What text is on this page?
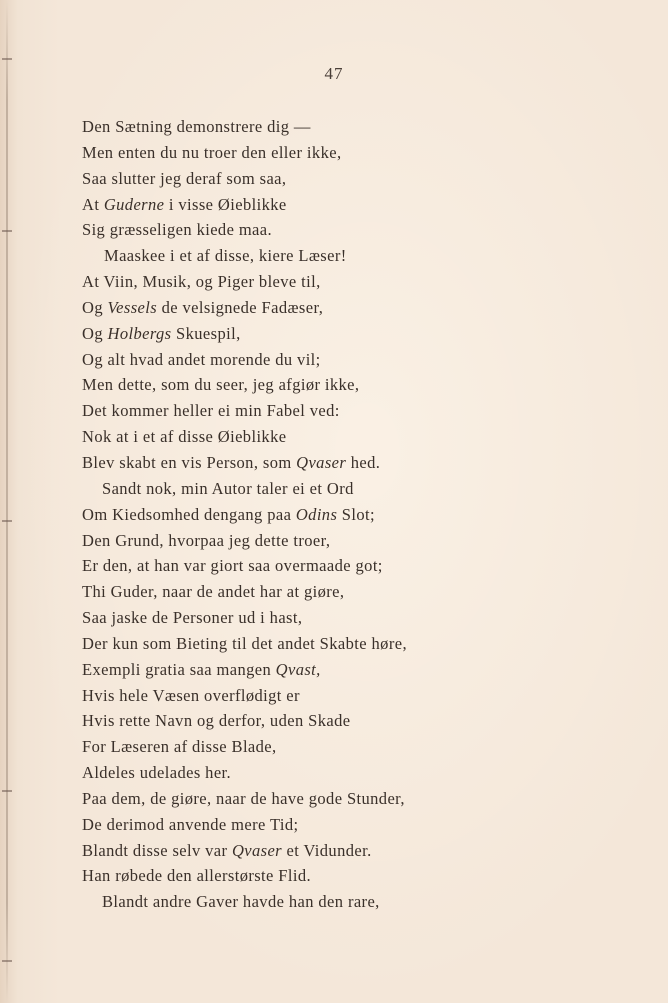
47
Den Sætning demonstrere dig —
Men enten du nu troer den eller ikke,
Saa slutter jeg deraf som saa,
At Guderne i visse Øieblikke
Sig græsseligen kiede maa.
Maaskee i et af disse, kiere Læser!
At Viin, Musik, og Piger bleve til,
Og Vessels de velsignede Fadæser,
Og Holbergs Skuespil,
Og alt hvad andet morende du vil;
Men dette, som du seer, jeg afgiør ikke,
Det kommer heller ei min Fabel ved:
Nok at i et af disse Øieblikke
Blev skabt en vis Person, som Qvaser hed.
Sandt nok, min Autor taler ei et Ord
Om Kiedsomhed dengang paa Odins Slot;
Den Grund, hvorpaa jeg dette troer,
Er den, at han var giort saa overmaade got;
Thi Guder, naar de andet har at giøre,
Saa jaske de Personer ud i hast,
Der kun som Bieting til det andet Skabte høre,
Exempli gratia saa mangen Qvast,
Hvis hele Væsen overflødigt er
Hvis rette Navn og derfor, uden Skade
For Læseren af disse Blade,
Aldeles udelades her.
Paa dem, de giøre, naar de have gode Stunder,
De derimod anvende mere Tid;
Blandt disse selv var Qvaser et Vidunder.
Han røbede den allerstørste Flid.
Blandt andre Gaver havde han den rare,
